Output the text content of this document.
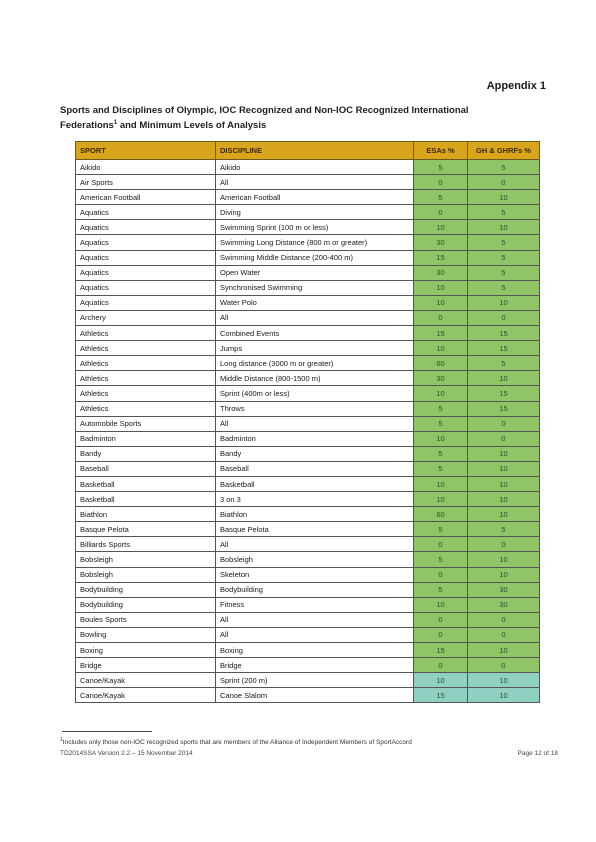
Appendix 1
Sports and Disciplines of Olympic, IOC Recognized and Non-IOC Recognized International
Federations$^1$ and Minimum Levels of Analysis
SPORT	DISCIPLINE	ESAs %	GH & GHRFs %
Aikido	Aikido	5	5
Air Sports	All	0	0
American Football	American Football	5	10
Aquatics	Diving	0	5
Aquatics	Swimming Sprint (100 m or less)	10	10
Aquatics	Swimming Long Distance (800 m or greater)	30	5
Aquatics	Swimming Middle Distance (200-400 m)	15	5
Aquatics	Open Water	30	5
Aquatics	Synchronised Swimming	10	5
Aquatics	Water Polo	10	10
Archery	All	0	0
Athletics	Combined Events	15	15
Athletics	Jumps	10	15
Athletics	Long distance (3000 m or greater)	60	5
Athletics	Middle Distance (800-1500 m)	30	10
Athletics	Sprint (400m or less)	10	15
Athletics	Throws	5	15
Automobile Sports	All	5	0
Badminton	Badminton	10	0
Bandy	Bandy	5	10
Baseball	Baseball	5	10
Basketball	Basketball	10	10
Basketball	3 on 3	10	10
Biathlon	Biathlon	60	10
Basque Pelota	Basque Pelota	5	5
Billiards Sports	All	0	0
Bobsleigh	Bobsleigh	5	10
Bobsleigh	Skeleton	0	10
Bodybuilding	Bodybuilding	5	30
Bodybuilding	Fitness	10	30
Boules Sports	All	0	0
Bowling	All	0	0
Boxing	Boxing	15	10
Bridge	Bridge	0	0
Canoe/Kayak	Sprint (200 m)	10	10
Canoe/Kayak	Canoe Slalom	15	10
$^1$Includes only those non-IOC recognized sports that are members of the Alliance of Independent Members of SportAccord
TD2014SSA Version 2.2 – 15 November 2014	Page 12 of 18
